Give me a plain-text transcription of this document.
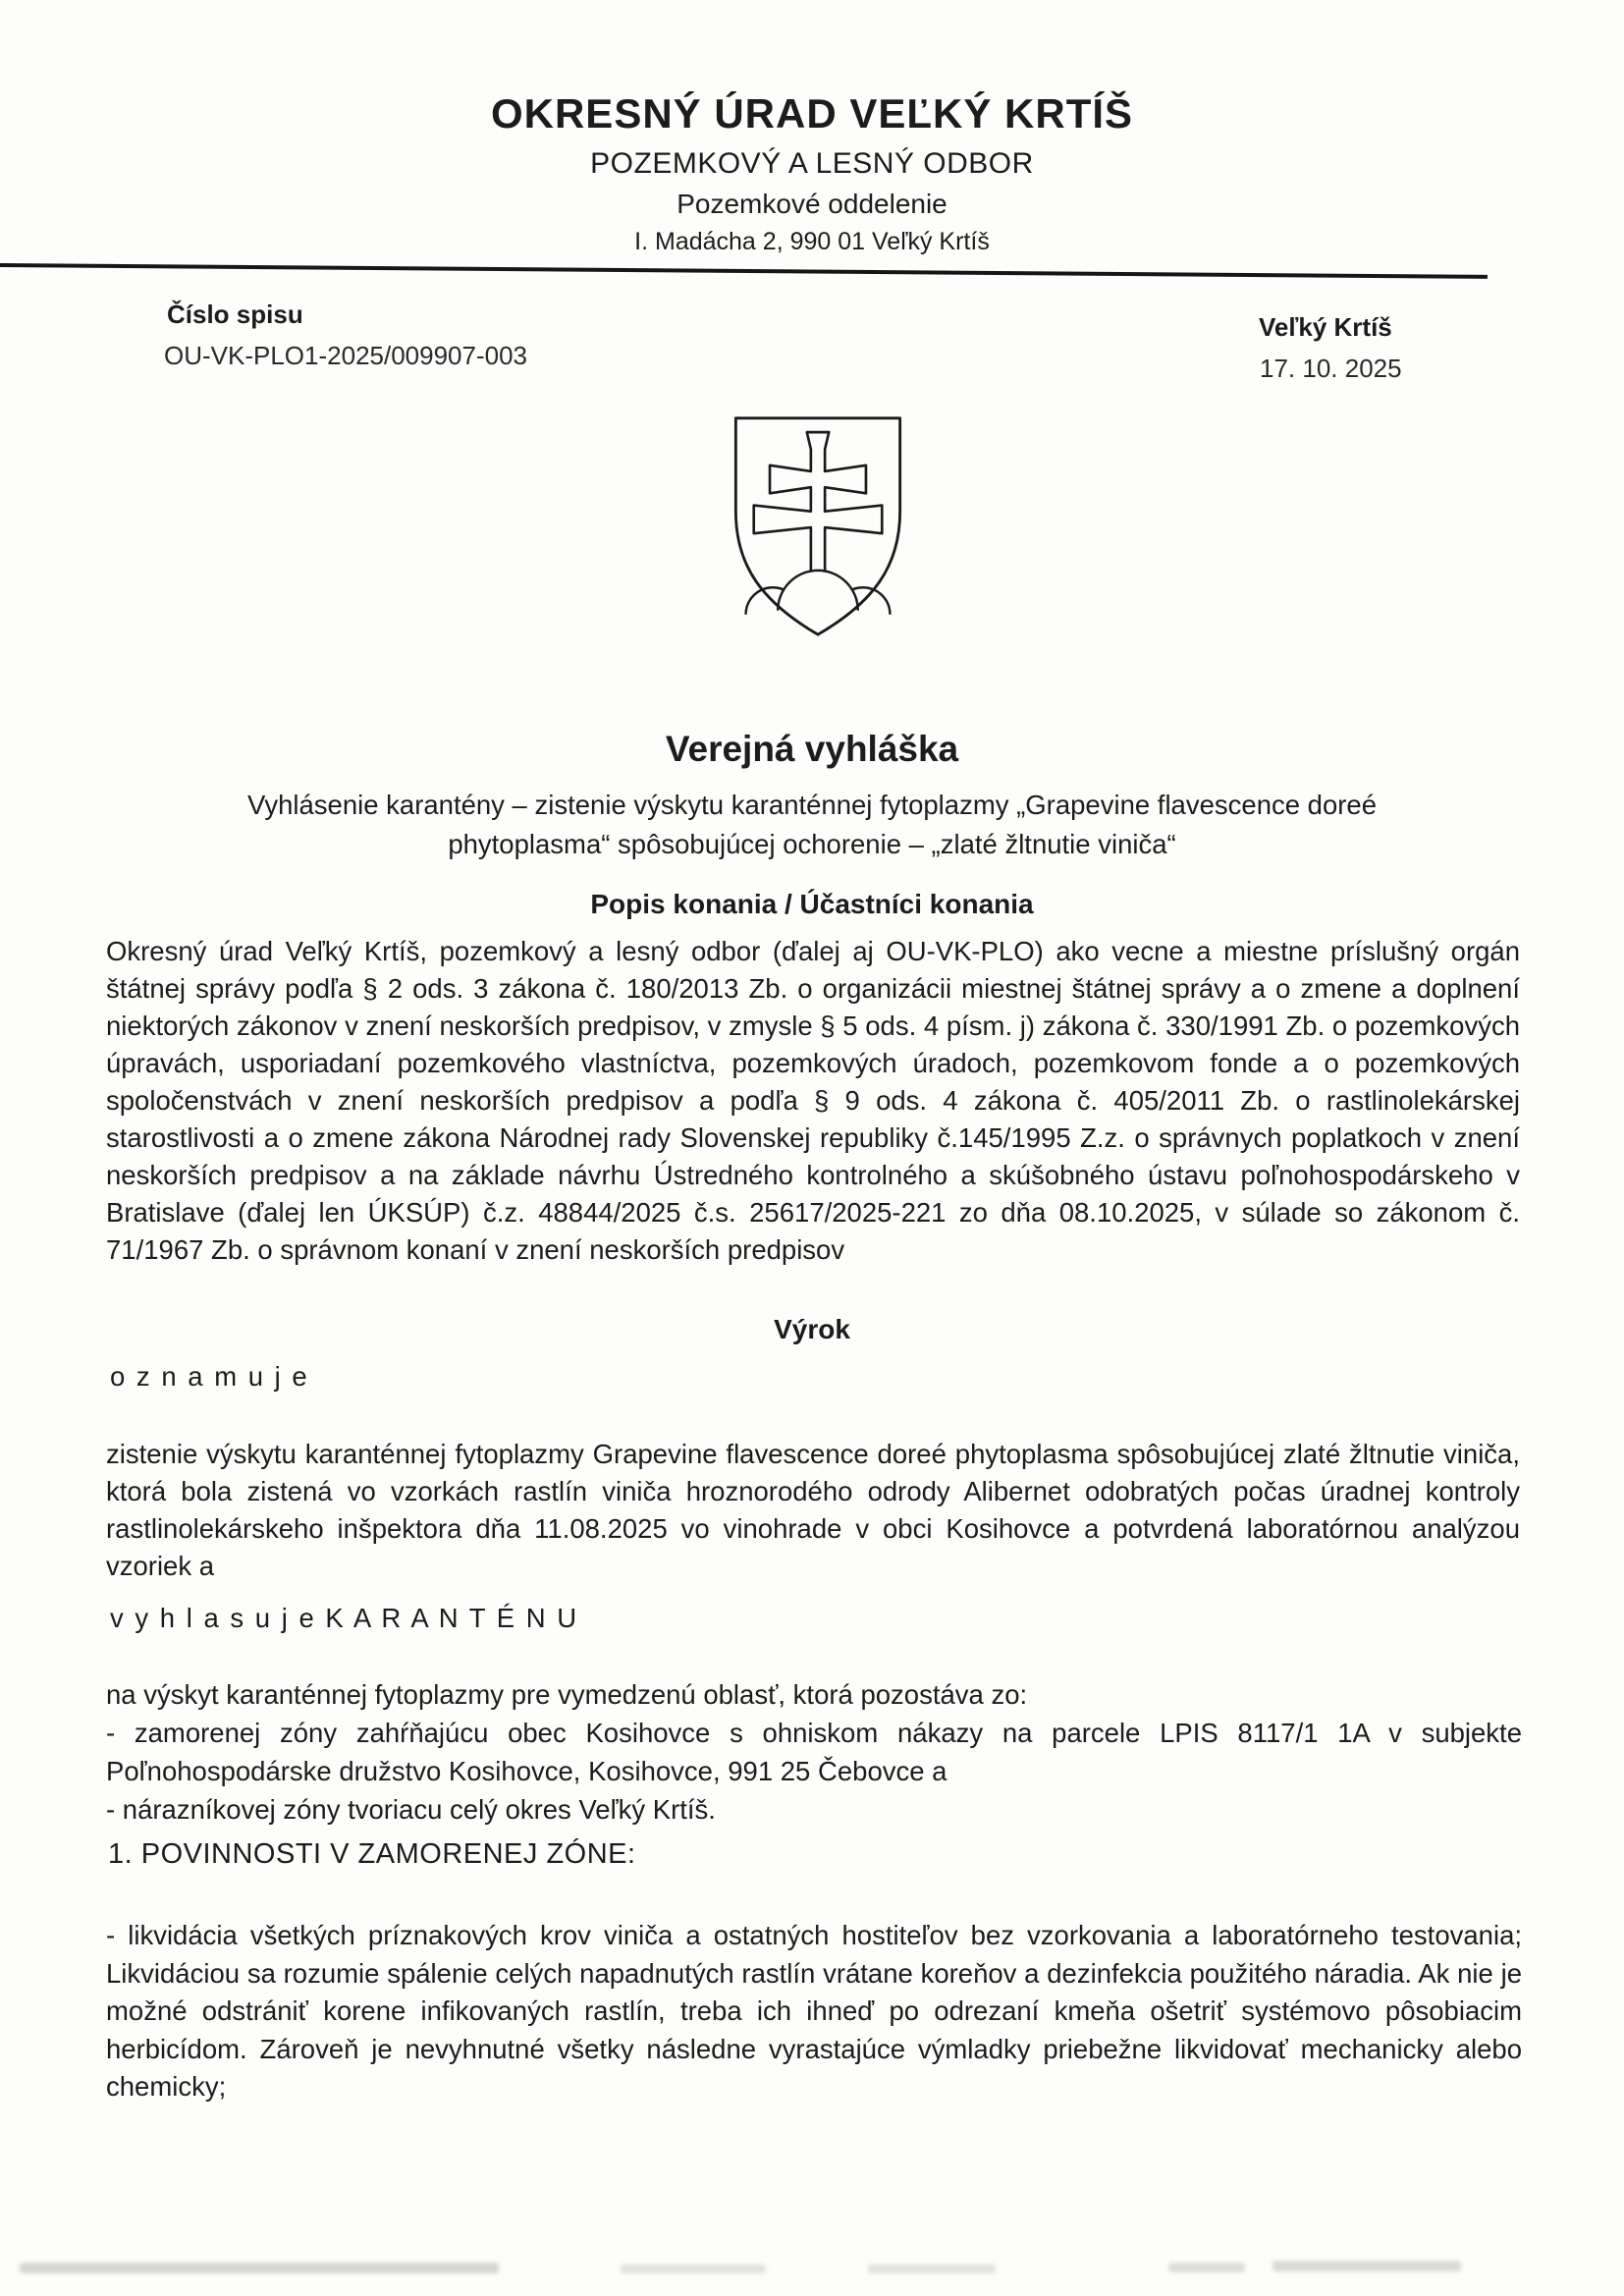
OKRESNÝ ÚRAD VEĽKÝ KRTÍŠ
POZEMKOVÝ A LESNÝ ODBOR
Pozemkové oddelenie
I. Madácha 2, 990 01 Veľký Krtíš
Číslo spisu
OU-VK-PLO1-2025/009907-003
Veľký Krtíš
17. 10. 2025
Verejná vyhláška
Vyhlásenie karantény – zistenie výskytu karanténnej fytoplazmy „Grapevine flavescence doreé phytoplasma“ spôsobujúcej ochorenie – „zlaté žltnutie viniča“
Popis konania / Účastníci konania
Okresný úrad Veľký Krtíš, pozemkový a lesný odbor (ďalej aj OU-VK-PLO) ako vecne a miestne príslušný orgán štátnej správy podľa § 2 ods. 3 zákona č. 180/2013 Zb. o organizácii miestnej štátnej správy a o zmene a doplnení niektorých zákonov v znení neskorších predpisov, v zmysle § 5 ods. 4 písm. j) zákona č. 330/1991 Zb. o pozemkových úpravách, usporiadaní pozemkového vlastníctva, pozemkových úradoch, pozemkovom fonde a o pozemkových spoločenstvách v znení neskorších predpisov a podľa § 9 ods. 4 zákona č. 405/2011 Zb. o rastlinolekárskej starostlivosti a o zmene zákona Národnej rady Slovenskej republiky č.145/1995 Z.z. o správnych poplatkoch v znení neskorších predpisov a na základe návrhu Ústredného kontrolného a skúšobného ústavu poľnohospodárskeho v Bratislave (ďalej len ÚKSÚP) č.z. 48844/2025 č.s. 25617/2025-221 zo dňa 08.10.2025, v súlade so zákonom č. 71/1967 Zb. o správnom konaní v znení neskorších predpisov
Výrok
o z n a m u j e
zistenie výskytu karanténnej fytoplazmy Grapevine flavescence doreé phytoplasma spôsobujúcej zlaté žltnutie viniča, ktorá bola zistená vo vzorkách rastlín viniča hroznorodého odrody Alibernet odobratých počas úradnej kontroly rastlinolekárskeho inšpektora dňa 11.08.2025 vo vinohrade v obci Kosihovce a potvrdená laboratórnou analýzou vzoriek a
v y h l a s u j e K A R A N T É N U
na výskyt karanténnej fytoplazmy pre vymedzenú oblasť, ktorá pozostáva zo:
- zamorenej zóny zahŕňajúcu obec Kosihovce s ohniskom nákazy na parcele LPIS 8117/1 1A v subjekte Poľnohospodárske družstvo Kosihovce, Kosihovce, 991 25 Čebovce a
- nárazníkovej zóny tvoriacu celý okres Veľký Krtíš.
1. POVINNOSTI V ZAMORENEJ ZÓNE:
- likvidácia všetkých príznakových krov viniča a ostatných hostiteľov bez vzorkovania a laboratórneho testovania; Likvidáciou sa rozumie spálenie celých napadnutých rastlín vrátane koreňov a dezinfekcia použitého náradia. Ak nie je možné odstrániť korene infikovaných rastlín, treba ich ihneď po odrezaní kmeňa ošetriť systémovo pôsobiacim herbicídom. Zároveň je nevyhnutné všetky následne vyrastajúce výmladky priebežne likvidovať mechanicky alebo chemicky;
